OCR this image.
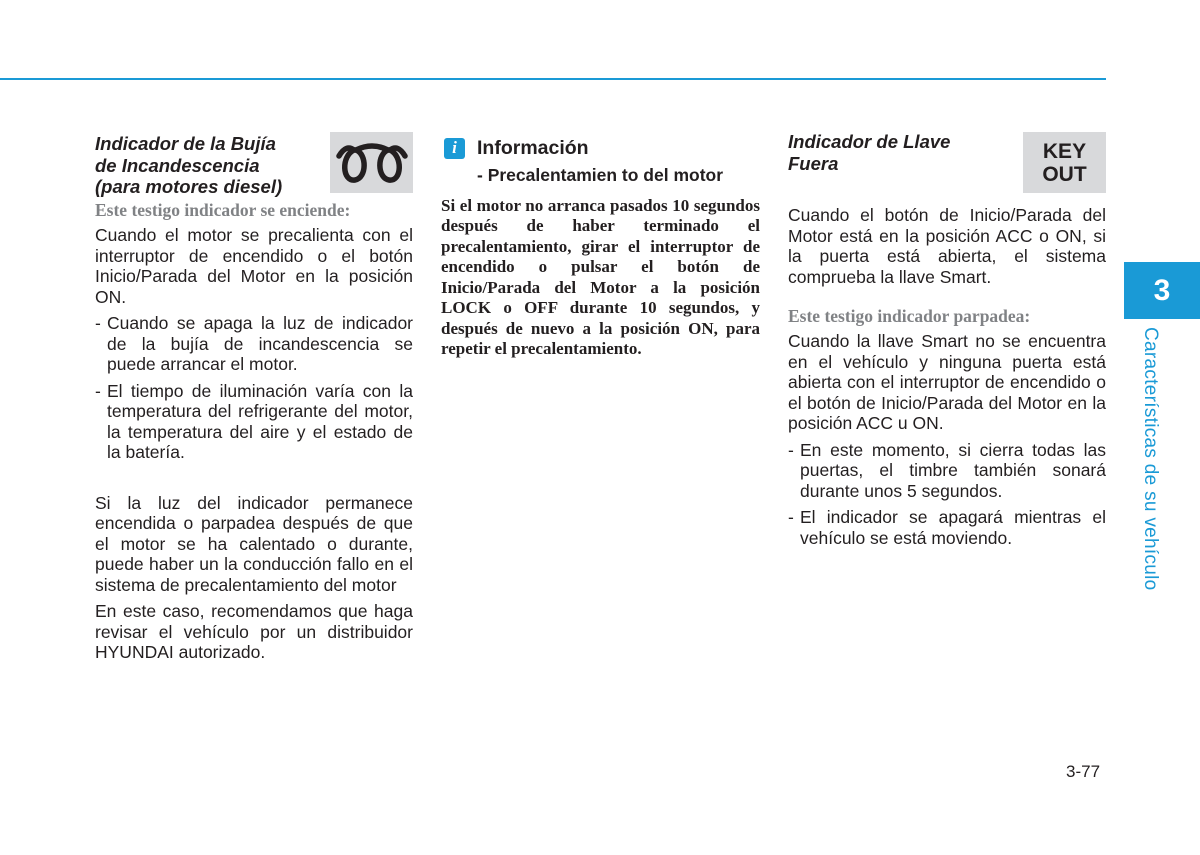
Indicador de la Bujía
de Incandescencia
(para motores diesel)

Este testigo indicador se enciende:

Cuando el motor se precalienta con el interruptor de encendido o el botón Inicio/Parada del Motor en la posición ON.

- Cuando se apaga la luz de indicador de la bujía de incandescencia se puede arrancar el motor.
- El tiempo de iluminación varía con la temperatura del refrigerante del motor, la temperatura del aire y el estado de la batería.

Si la luz del indicador permanece encendida o parpadea después de que el motor se ha calentado o durante, puede haber un la conducción fallo en el sistema de precalentamiento del motor

En este caso, recomendamos que haga revisar el vehículo por un distribuidor HYUNDAI autorizado.

i	Información

- Precalentamien to del motor

Si el motor no arranca pasados 10 segundos después de haber terminado el precalentamiento, girar el interruptor de encendido o pulsar el botón de Inicio/Parada del Motor a la posición LOCK o OFF durante 10 segundos, y después de nuevo a la posición ON, para repetir el precalentamiento.

Indicador de Llave
Fuera

KEY
OUT

Cuando el botón de Inicio/Parada del Motor está en la posición ACC o ON, si la puerta está abierta, el sistema comprueba la llave Smart.

Este testigo indicador parpadea:

Cuando la llave Smart no se encuentra en el vehículo y ninguna puerta está abierta con el interruptor de encendido o el botón de Inicio/Parada del Motor en la posición ACC u ON.

- En este momento, si cierra todas las puertas, el timbre también sonará durante unos 5 segundos.
- El indicador se apagará mientras el vehículo se está moviendo.
3
Características de su vehículo
3-77
